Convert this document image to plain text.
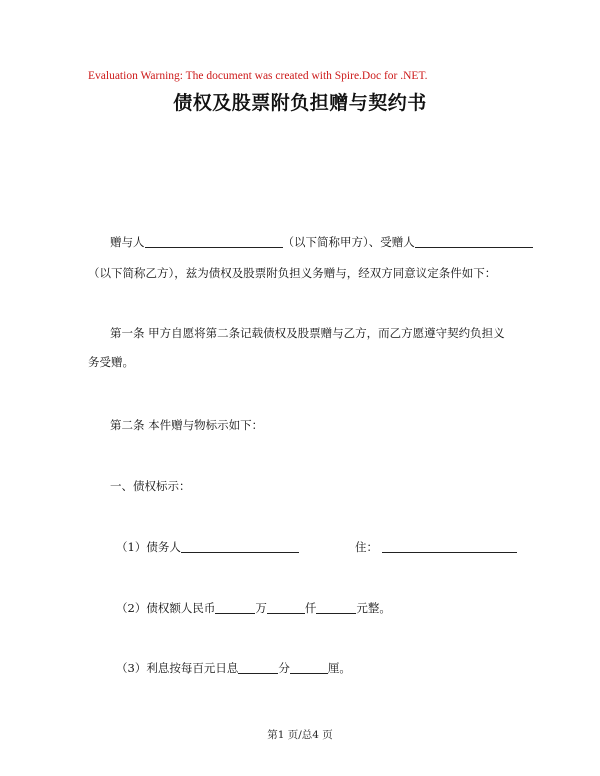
Evaluation Warning: The document was created with Spire.Doc for .NET.
债权及股票附负担赠与契约书
赠与人	（以下简称甲方）、受赠人
（以下简称乙方），兹为债权及股票附负担义务赠与，经双方同意议定条件如下：
第一条 甲方自愿将第二条记载债权及股票赠与乙方，而乙方愿遵守契约负担义
务受赠。
第二条 本件赠与物标示如下：
一、债权标示：
（1）债务人	住：
（2）债权额人民币	万	仟	元整。
（3）利息按每百元日息	分	厘。
第1 页/总4 页
